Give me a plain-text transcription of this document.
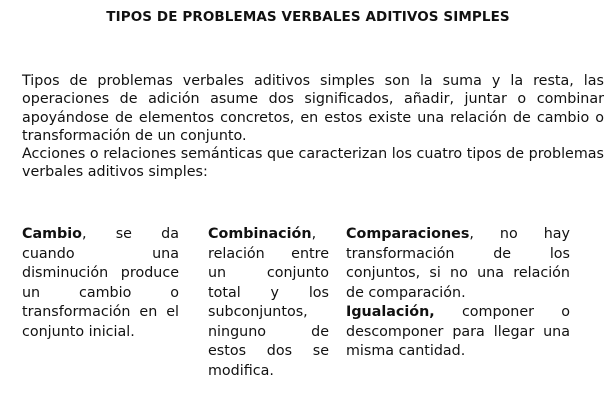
TIPOS DE PROBLEMAS VERBALES ADITIVOS SIMPLES

Tipos de problemas verbales aditivos simples son la suma y la resta, las operaciones de adición asume dos significados, añadir, juntar o combinar apoyándose de elementos concretos, en estos existe una relación de cambio o transformación de un conjunto.

Acciones o relaciones semánticas que caracterizan los cuatro tipos de problemas verbales aditivos simples:

Cambio, se da cuando una disminución produce un cambio o transformación en el conjunto inicial.

Combinación, relación entre un conjunto total y los subconjuntos, ninguno de estos dos se modifica.

Comparaciones, no hay transformación de los conjuntos, si no una relación de comparación.

Igualación, componer o descomponer para llegar una misma cantidad.
